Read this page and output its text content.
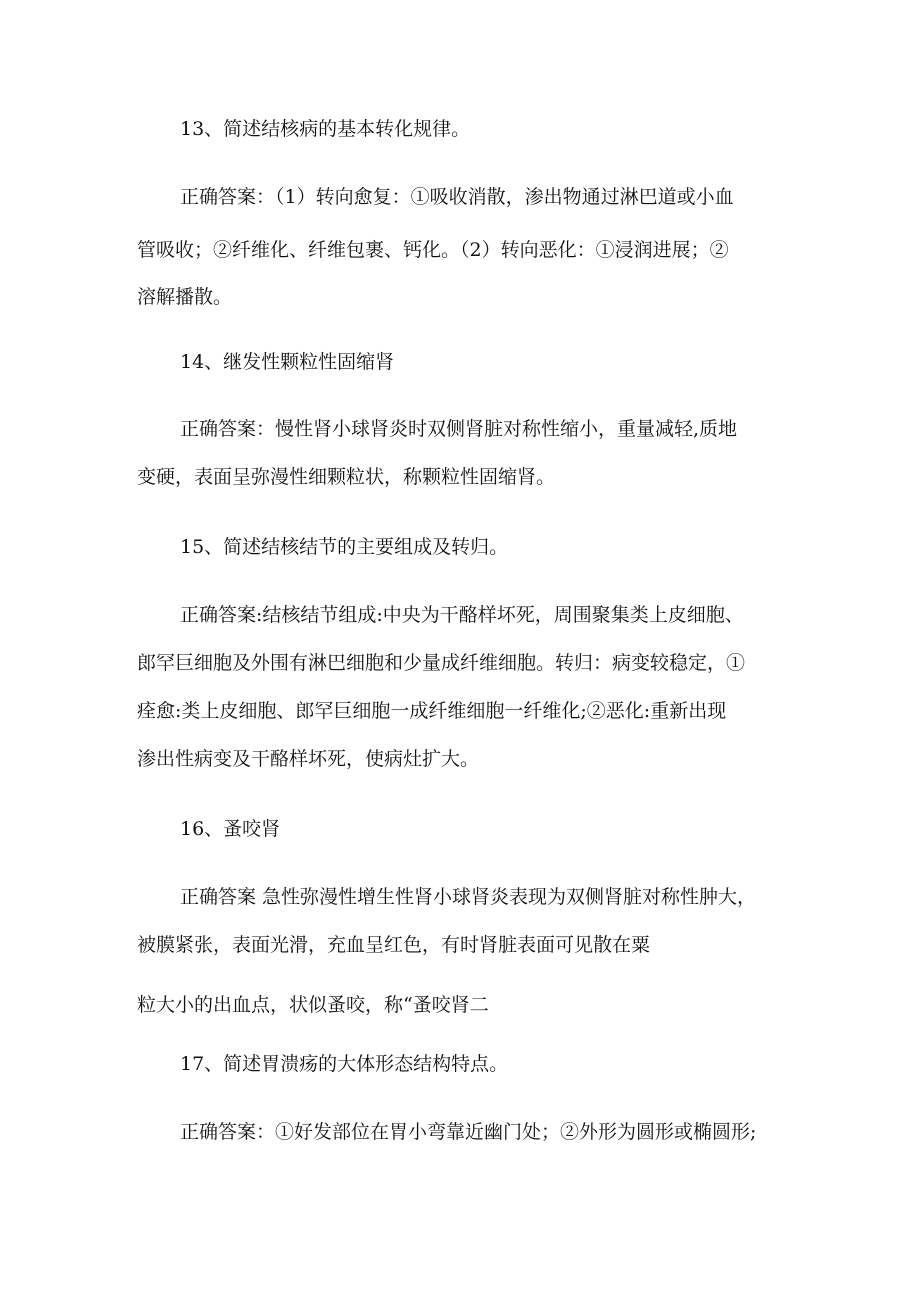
13、简述结核病的基本转化规律。
正确答案：（1）转向愈复：①吸收消散，渗出物通过淋巴道或小血
管吸收；②纤维化、纤维包裹、钙化。（2）转向恶化：①浸润进展；②
溶解播散。
14、继发性颗粒性固缩肾
正确答案：慢性肾小球肾炎时双侧肾脏对称性缩小，重量减轻,质地
变硬，表面呈弥漫性细颗粒状，称颗粒性固缩肾。
15、简述结核结节的主要组成及转归。
正确答案:结核结节组成:中央为干酪样坏死，周围聚集类上皮细胞、
郎罕巨细胞及外围有淋巴细胞和少量成纤维细胞。转归：病变较稳定，①
痊愈:类上皮细胞、郎罕巨细胞一成纤维细胞一纤维化;②恶化:重新出现
渗出性病变及干酪样坏死，使病灶扩大。
16、蚤咬肾
正确答案 急性弥漫性增生性肾小球肾炎表现为双侧肾脏对称性肿大，
被膜紧张，表面光滑，充血呈红色，有时肾脏表面可见散在粟
粒大小的出血点，状似蚤咬，称“蚤咬肾二
17、简述胃溃疡的大体形态结构特点。
正确答案：①好发部位在胃小弯靠近幽门处；②外形为圆形或椭圆形;
